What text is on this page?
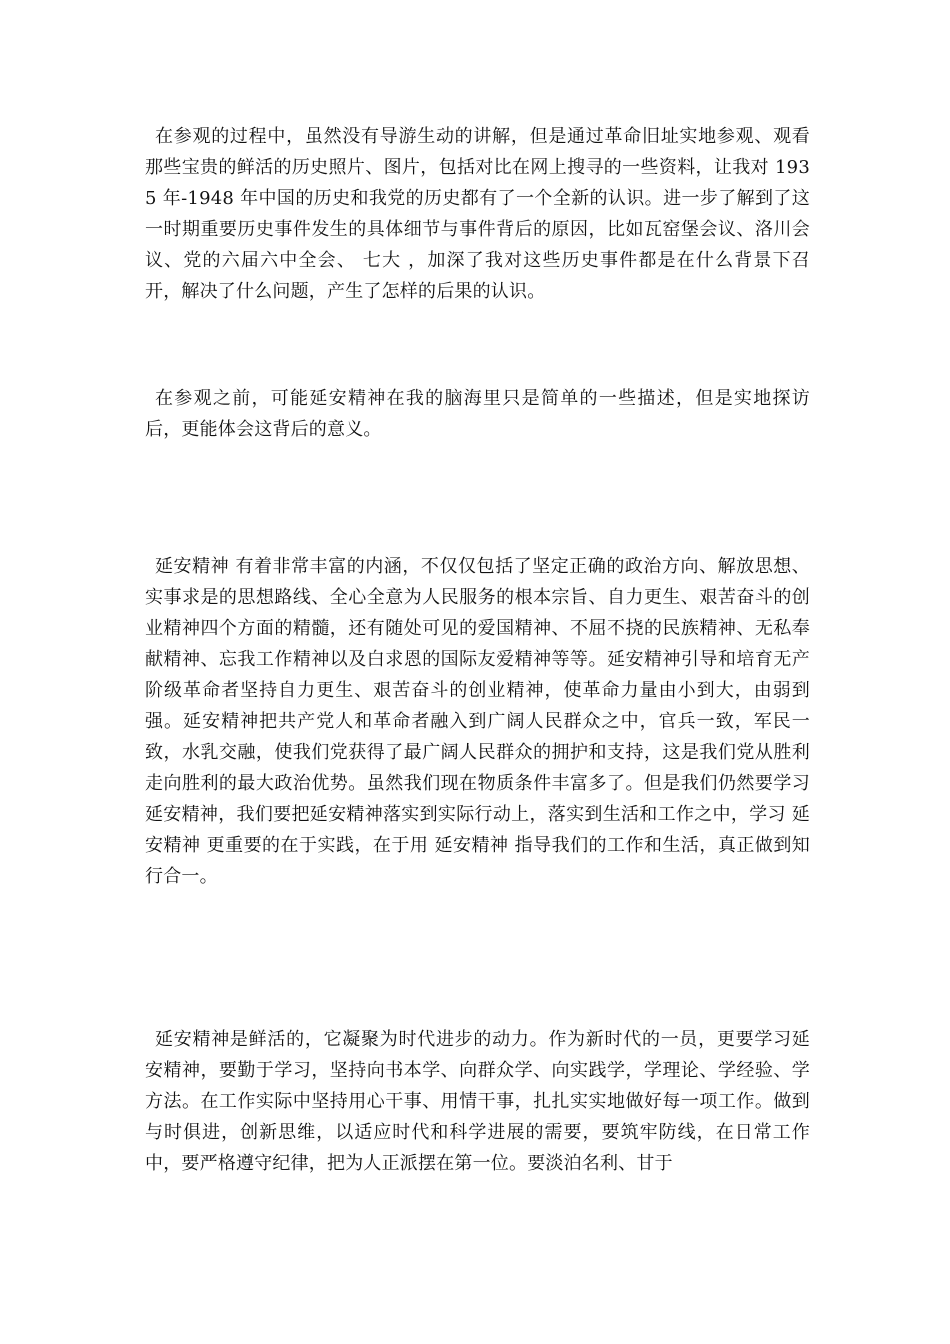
在参观的过程中，虽然没有导游生动的讲解，但是通过革命旧址实地参观、观看那些宝贵的鲜活的历史照片、图片，包括对比在网上搜寻的一些资料，让我对 1935 年-1948 年中国的历史和我党的历史都有了一个全新的认识。进一步了解到了这一时期重要历史事件发生的具体细节与事件背后的原因，比如瓦窑堡会议、洛川会议、党的六届六中全会、 七大 ，加深了我对这些历史事件都是在什么背景下召开，解决了什么问题，产生了怎样的后果的认识。

在参观之前，可能延安精神在我的脑海里只是简单的一些描述，但是实地探访后，更能体会这背后的意义。

延安精神 有着非常丰富的内涵，不仅仅包括了坚定正确的政治方向、解放思想、实事求是的思想路线、全心全意为人民服务的根本宗旨、自力更生、艰苦奋斗的创业精神四个方面的精髓，还有随处可见的爱国精神、不屈不挠的民族精神、无私奉献精神、忘我工作精神以及白求恩的国际友爱精神等等。延安精神引导和培育无产阶级革命者坚持自力更生、艰苦奋斗的创业精神，使革命力量由小到大，由弱到强。延安精神把共产党人和革命者融入到广阔人民群众之中，官兵一致，军民一致，水乳交融，使我们党获得了最广阔人民群众的拥护和支持，这是我们党从胜利走向胜利的最大政治优势。虽然我们现在物质条件丰富多了。但是我们仍然要学习延安精神，我们要把延安精神落实到实际行动上，落实到生活和工作之中，学习 延安精神 更重要的在于实践，在于用 延安精神 指导我们的工作和生活，真正做到知行合一。

延安精神是鲜活的，它凝聚为时代进步的动力。作为新时代的一员，更要学习延安精神，要勤于学习，坚持向书本学、向群众学、向实践学，学理论、学经验、学方法。在工作实际中坚持用心干事、用情干事，扎扎实实地做好每一项工作。做到与时俱进，创新思维，以适应时代和科学进展的需要，要筑牢防线，在日常工作中，要严格遵守纪律，把为人正派摆在第一位。要淡泊名利、甘于
